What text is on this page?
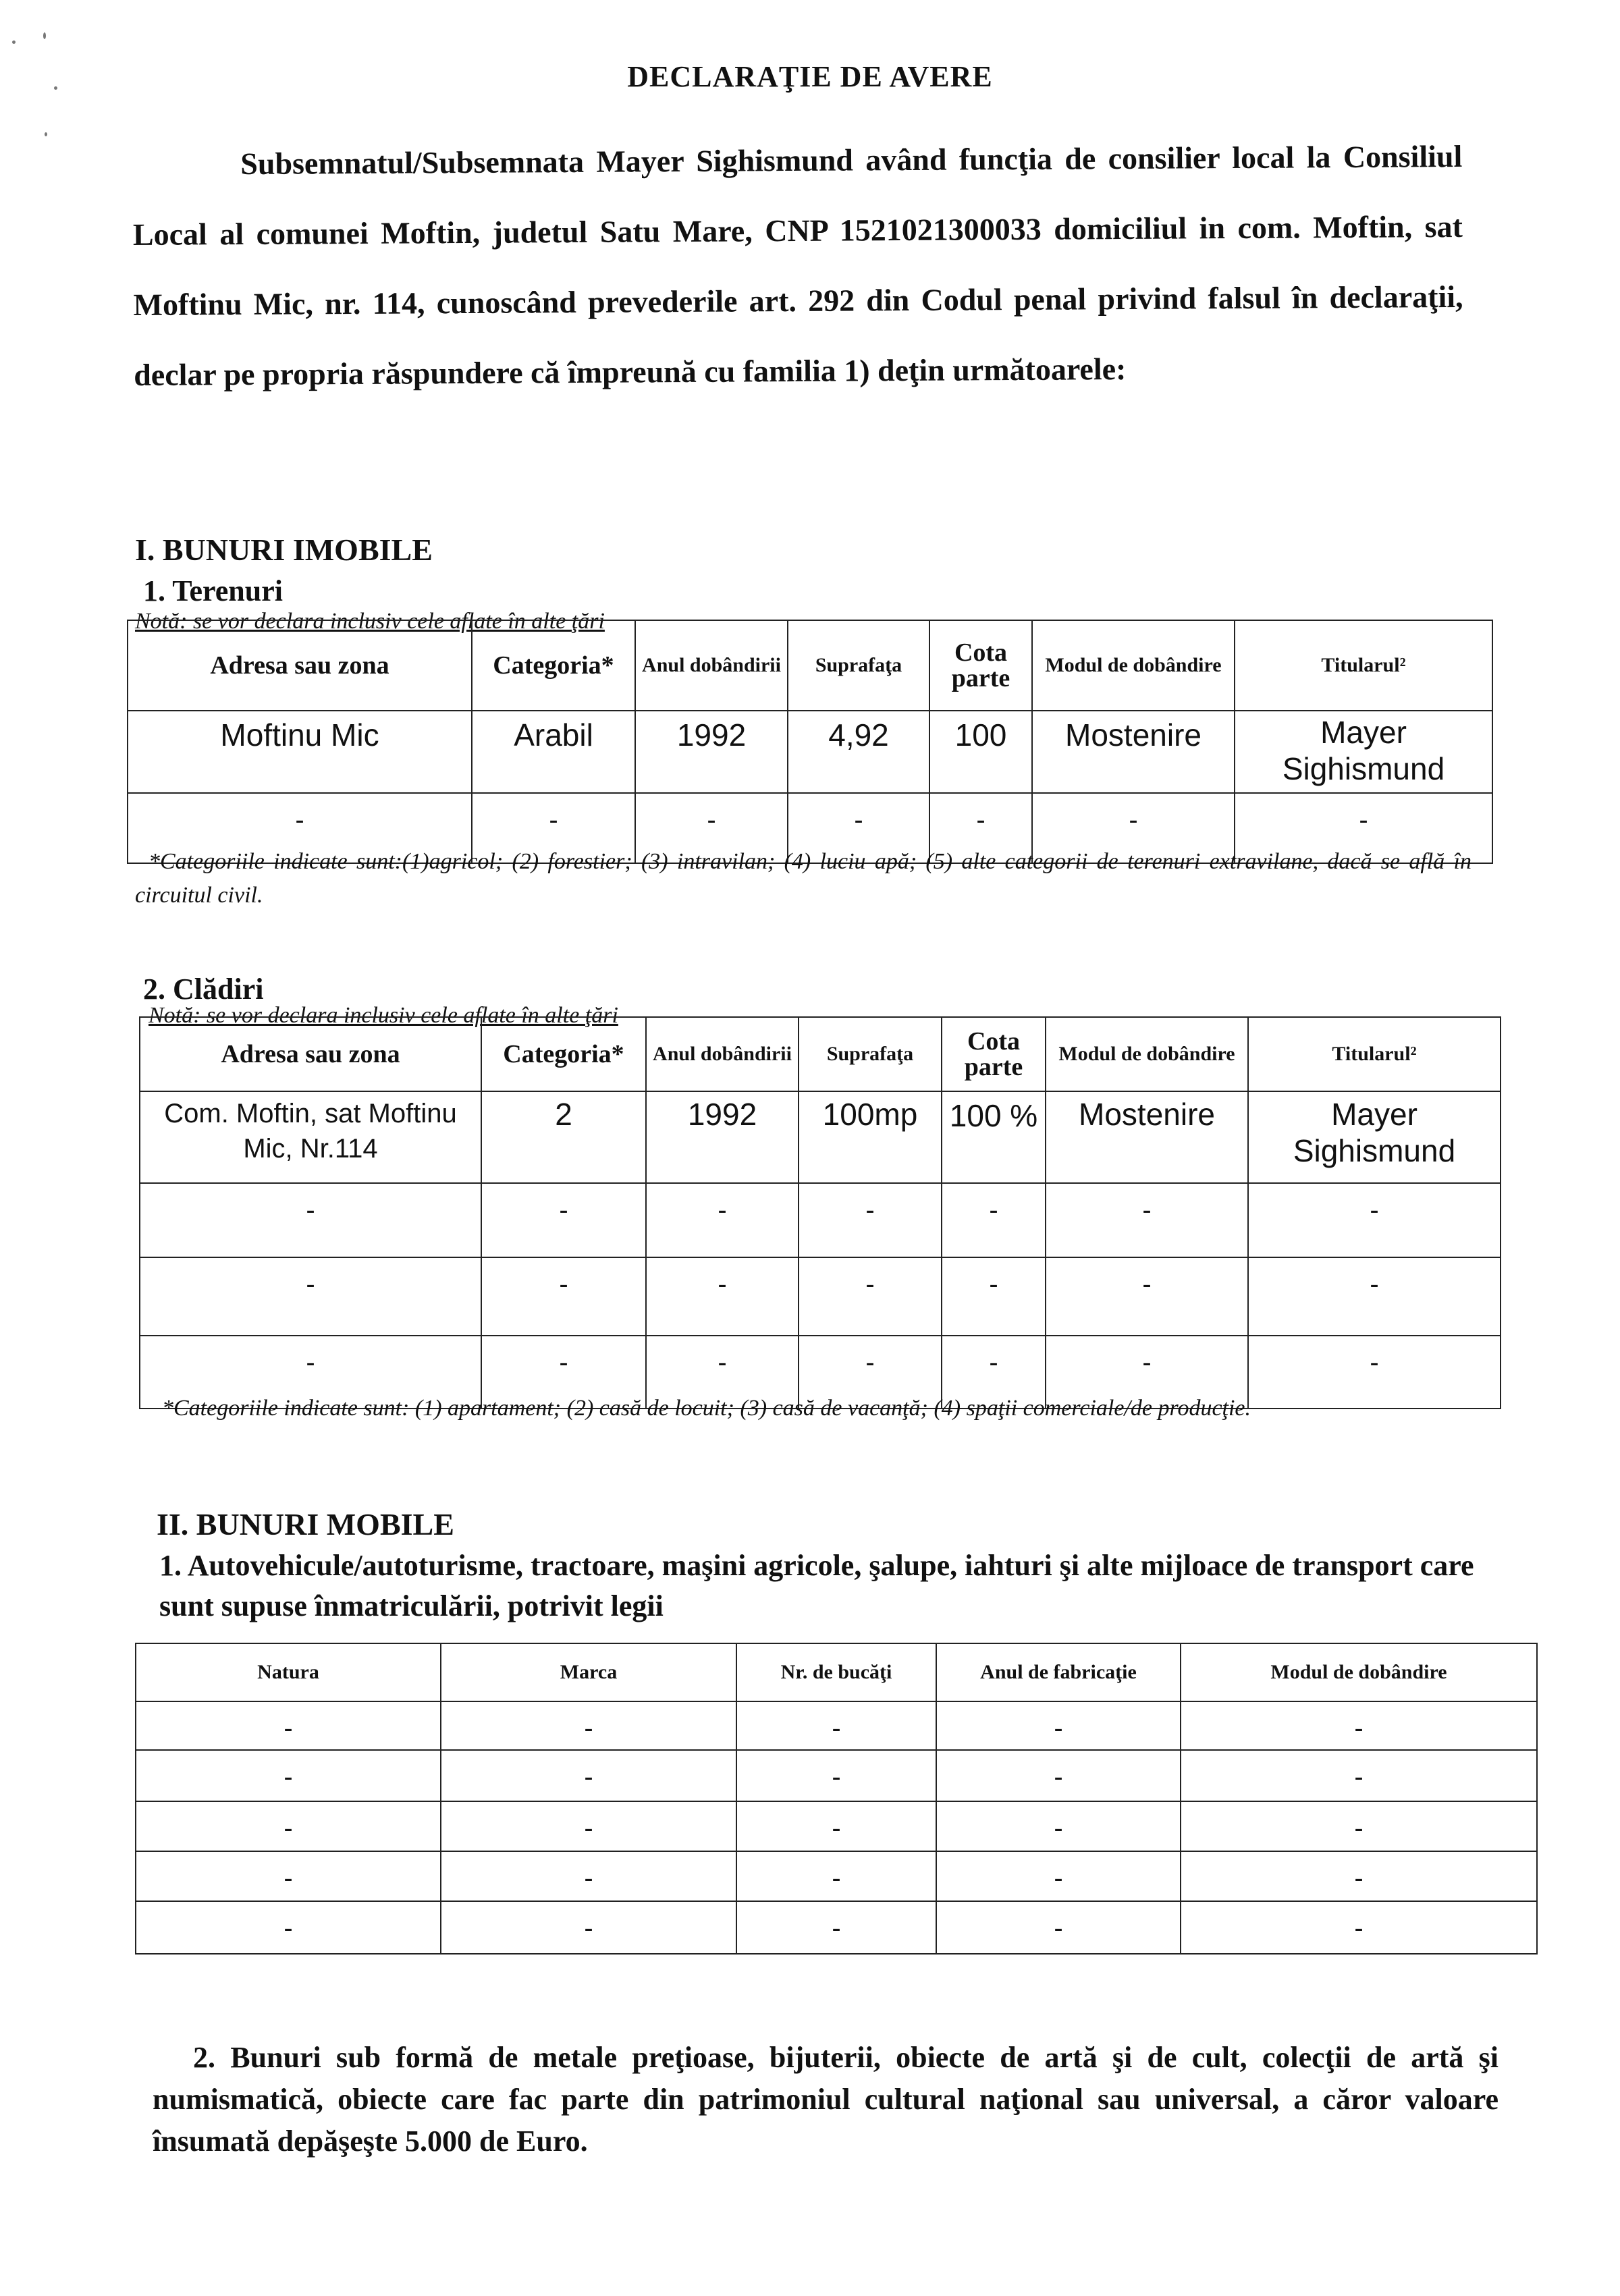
DECLARAŢIE DE AVERE
Subsemnatul/Subsemnata Mayer Sighismund având funcţia de consilier local la Consiliul Local al comunei Moftin, judetul Satu Mare, CNP 1521021300033 domiciliul in com. Moftin, sat Moftinu Mic, nr. 114, cunoscând prevederile art. 292 din Codul penal privind falsul în declaraţii, declar pe propria răspundere că împreună cu familia 1) deţin următoarele:
I. BUNURI IMOBILE
1. Terenuri
Notă: se vor declara inclusiv cele aflate în alte ţări
Adresa sau zona	Categoria*	Anul dobândirii	Suprafaţa	Cota parte	Modul de dobândire	Titularul²
Moftinu Mic	Arabil	1992	4,92	100	Mostenire	Mayer Sighismund
-	-	-	-	-	-	-
*Categoriile indicate sunt:(1)agricol; (2) forestier; (3) intravilan; (4) luciu apă; (5) alte categorii de terenuri extravilane, dacă se află în circuitul civil.
2. Clădiri
Notă: se vor declara inclusiv cele aflate în alte ţări
Adresa sau zona	Categoria*	Anul dobândirii	Suprafaţa	Cota parte	Modul de dobândire	Titularul²
Com. Moftin, sat Moftinu Mic, Nr.114	2	1992	100mp	100 %	Mostenire	Mayer Sighismund
-	-	-	-	-	-	-
-	-	-	-	-	-	-
-	-	-	-	-	-	-
*Categoriile indicate sunt: (1) apartament; (2) casă de locuit; (3) casă de vacanţă; (4) spaţii comerciale/de producţie.
II. BUNURI MOBILE
1. Autovehicule/autoturisme, tractoare, maşini agricole, şalupe, iahturi şi alte mijloace de transport care sunt supuse înmatriculării, potrivit legii
Natura	Marca	Nr. de bucăţi	Anul de fabricaţie	Modul de dobândire
-	-	-	-	-
-	-	-	-	-
-	-	-	-	-
-	-	-	-	-
-	-	-	-	-
2. Bunuri sub formă de metale preţioase, bijuterii, obiecte de artă şi de cult, colecţii de artă şi numismatică, obiecte care fac parte din patrimoniul cultural naţional sau universal, a căror valoare însumată depăşeşte 5.000 de Euro.
